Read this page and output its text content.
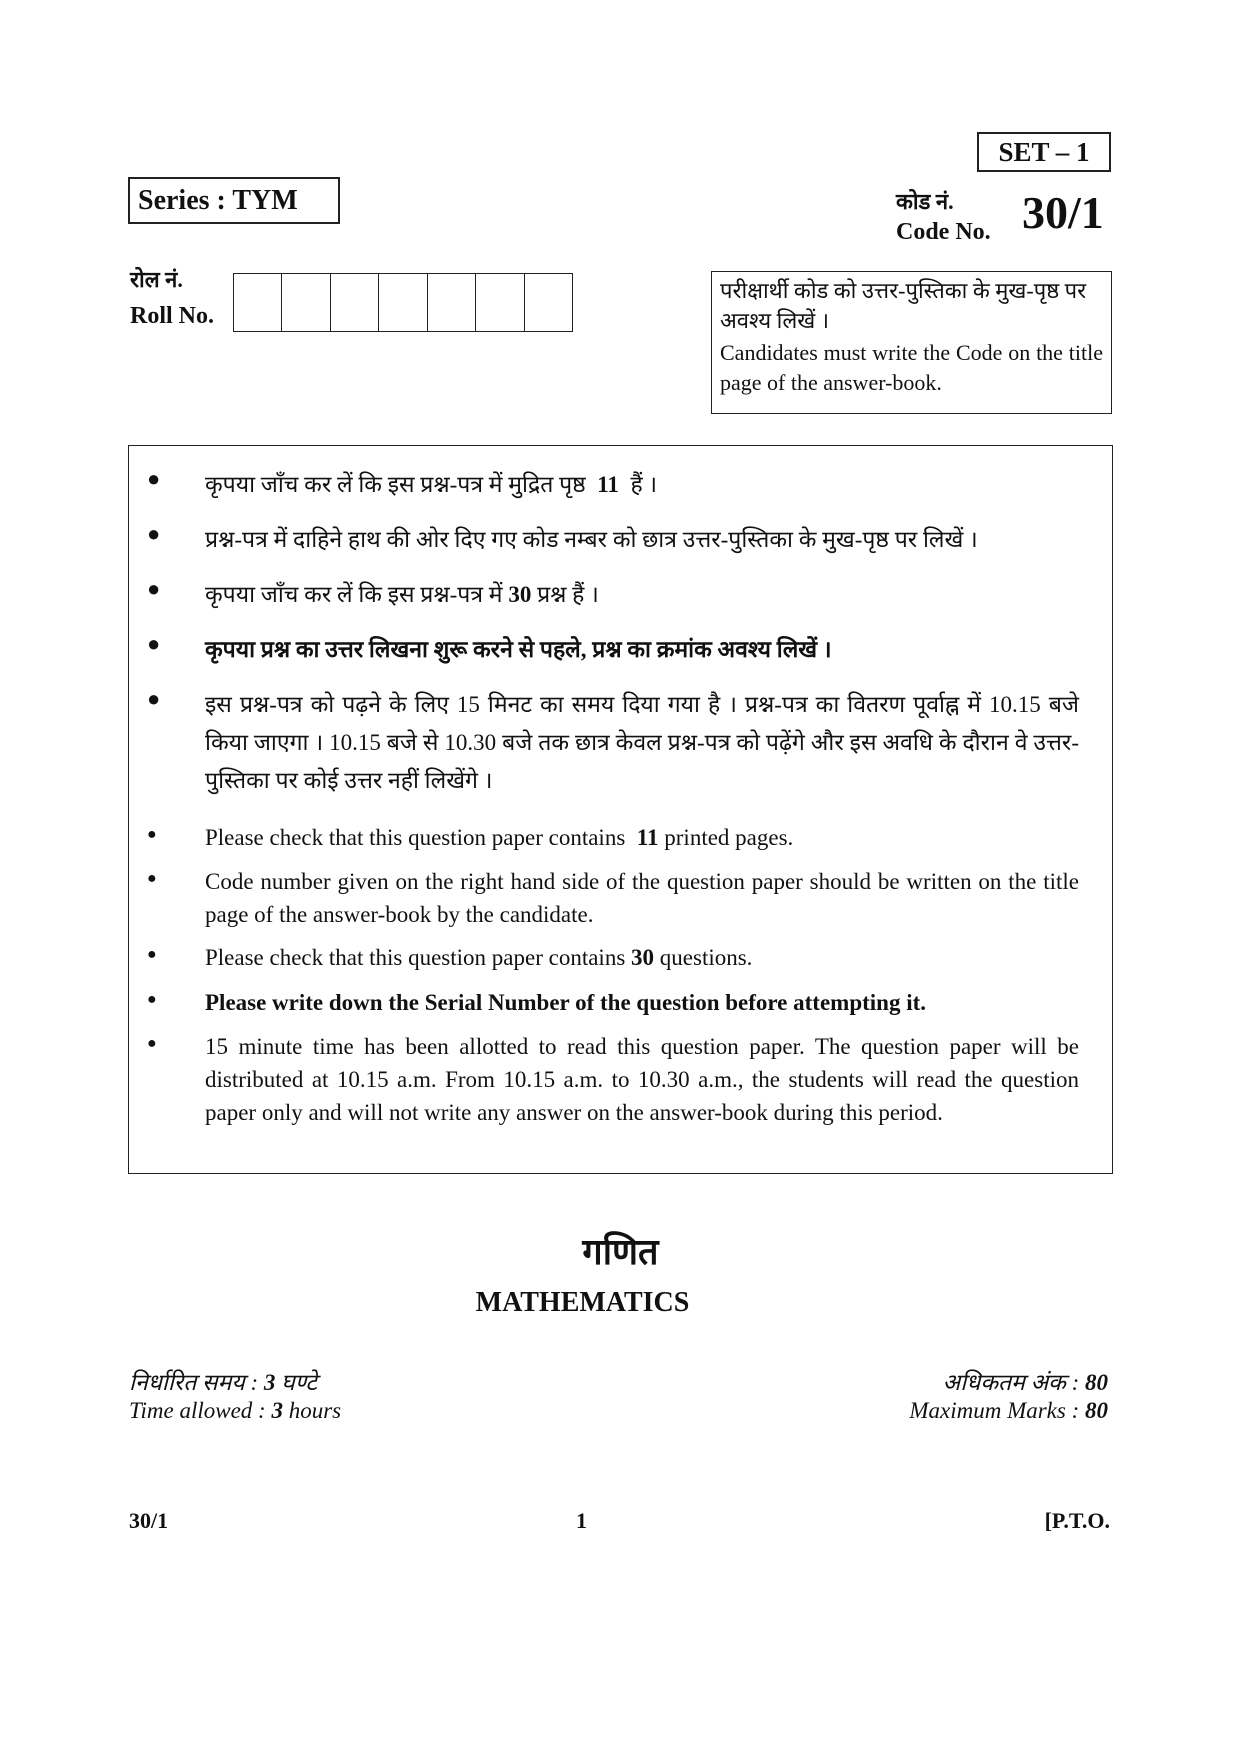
SET – 1
Series : TYM	कोड नं.
Code No. 30/1
रोल नं.
Roll No.
परीक्षार्थी कोड को उत्तर-पुस्तिका के मुख-पृष्ठ पर अवश्य लिखें ।
Candidates must write the Code on the title page of the answer-book.
● कृपया जाँच कर लें कि इस प्रश्न-पत्र में मुद्रित पृष्ठ 11 हैं ।
● प्रश्न-पत्र में दाहिने हाथ की ओर दिए गए कोड नम्बर को छात्र उत्तर-पुस्तिका के मुख-पृष्ठ पर लिखें ।
● कृपया जाँच कर लें कि इस प्रश्न-पत्र में 30 प्रश्न हैं ।
● कृपया प्रश्न का उत्तर लिखना शुरू करने से पहले, प्रश्न का क्रमांक अवश्य लिखें ।
● इस प्रश्न-पत्र को पढ़ने के लिए 15 मिनट का समय दिया गया है । प्रश्न-पत्र का वितरण पूर्वाह्न में 10.15 बजे किया जाएगा । 10.15 बजे से 10.30 बजे तक छात्र केवल प्रश्न-पत्र को पढ़ेंगे और इस अवधि के दौरान वे उत्तर-पुस्तिका पर कोई उत्तर नहीं लिखेंगे ।
● Please check that this question paper contains 11 printed pages.
● Code number given on the right hand side of the question paper should be written on the title page of the answer-book by the candidate.
● Please check that this question paper contains 30 questions.
● Please write down the Serial Number of the question before attempting it.
● 15 minute time has been allotted to read this question paper. The question paper will be distributed at 10.15 a.m. From 10.15 a.m. to 10.30 a.m., the students will read the question paper only and will not write any answer on the answer-book during this period.
गणित
MATHEMATICS
निर्धारित समय : 3 घण्टे
Time allowed : 3 hours
अधिकतम अंक : 80
Maximum Marks : 80
30/1	1	[P.T.O.
